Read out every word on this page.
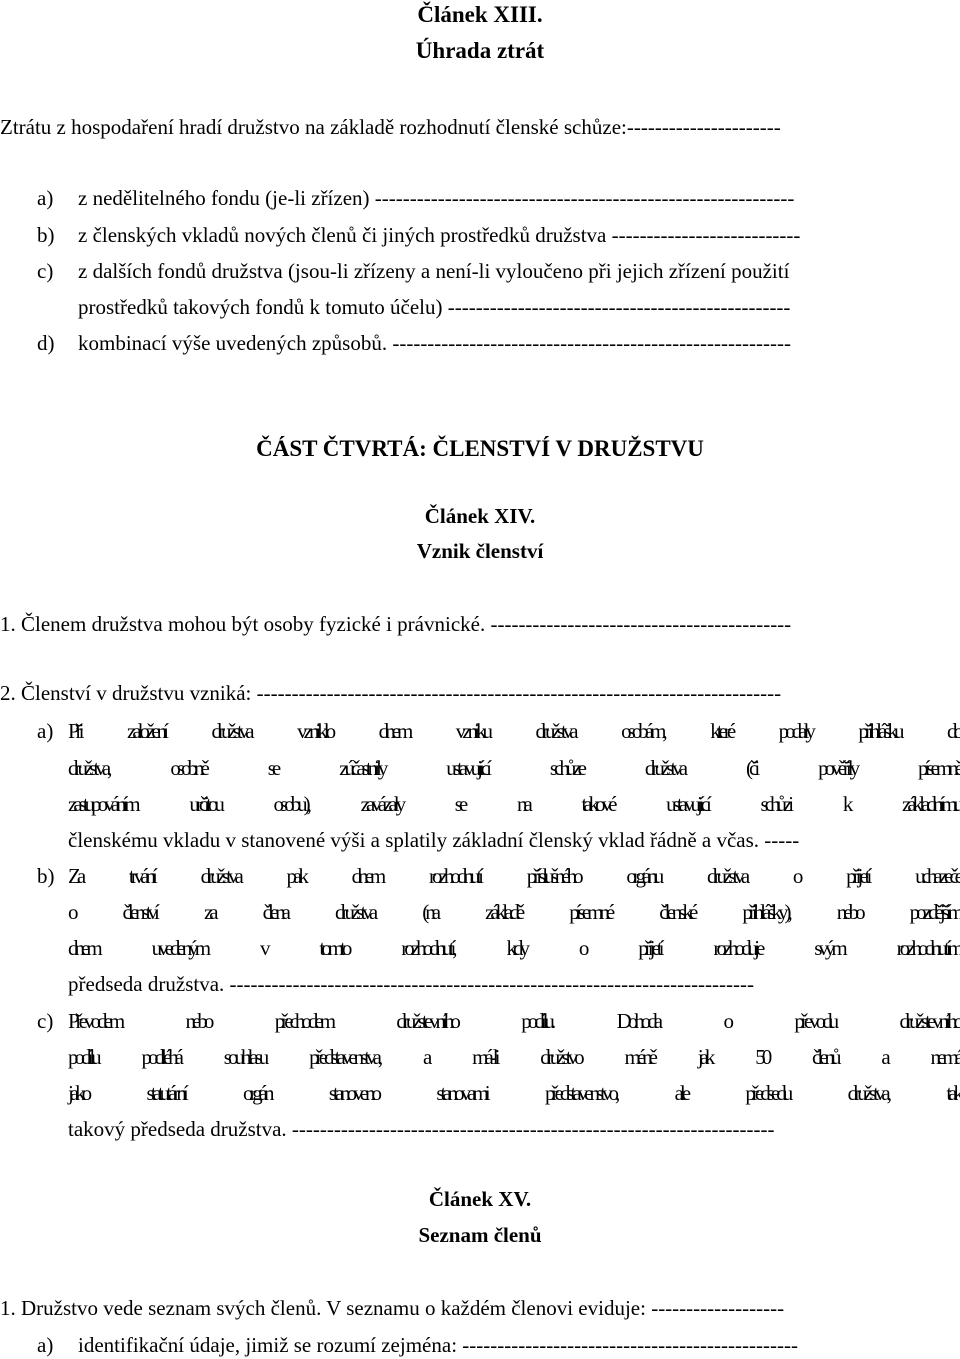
Článek XIII.
Úhrada ztrát
Ztrátu z hospodaření hradí družstvo na základě rozhodnutí členské schůze:----------------------
a) z nedělitelného fondu (je-li zřízen) ------------------------------------------------------------
b) z členských vkladů nových členů či jiných prostředků družstva ---------------------------
c) z dalších fondů družstva (jsou-li zřízeny a není-li vyloučeno při jejich zřízení použití
prostředků takových fondů k tomuto účelu) -------------------------------------------------
d) kombinací výše uvedených způsobů. ---------------------------------------------------------
ČÁST ČTVRTÁ: ČLENSTVÍ V DRUŽSTVU
Článek XIV.
Vznik členství
1. Členem družstva mohou být osoby fyzické i právnické. -------------------------------------------
2. Členství v družstvu vzniká: ---------------------------------------------------------------------------
a) Při založení družstva vzniklo dnem vzniku družstva osobám, které podaly přihlášku do
družstva, osobně se zúčastnily ustavující schůze družstva (či pověřily písemně
zastupováním určitou osobu), zavázaly se na takové ustavující schůzi k základnímu
členskému vkladu v stanovené výši a splatily základní členský vklad řádně a včas. -----
b) Za trvání družstva pak dnem rozhodnutí příslušného orgánu družstva o přijetí uchazeče
o členství za člena družstva (na základě písemné členské přihlášky), nebo pozdějším
dnem uvedeným v tomto rozhodnutí, kdy o přijetí rozhoduje svým rozhodnutím
předseda družstva. ---------------------------------------------------------------------------
c) Převodem nebo přechodem družstevního podílu. Dohoda o převodu družstevního
podílu podléhá souhlasu představenstva, a má-li družstvo méně jak 50 členů a nemá
jako statutární orgán stanoveno stanovami představenstvo, ale předsedu družstva, tak
takový předseda družstva. ---------------------------------------------------------------------
Článek XV.
Seznam členů
1. Družstvo vede seznam svých členů. V seznamu o každém členovi eviduje: -------------------
a) identifikační údaje, jimiž se rozumí zejména: ------------------------------------------------
